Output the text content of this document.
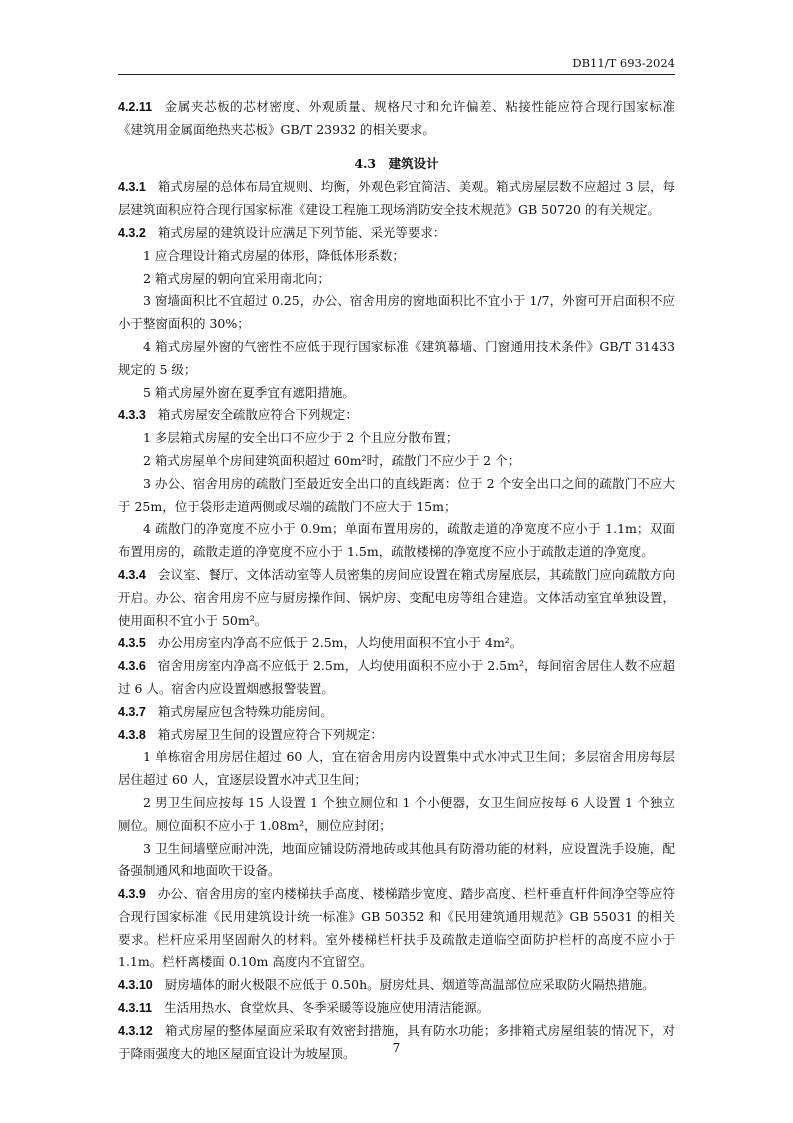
DB11/T 693-2024

4.2.11 金属夹芯板的芯材密度、外观质量、规格尺寸和允许偏差、粘接性能应符合现行国家标准《建筑用金属面绝热夹芯板》GB/T 23932 的相关要求。

4.3　建筑设计

4.3.1 箱式房屋的总体布局宜规则、均衡，外观色彩宜简洁、美观。箱式房屋层数不应超过 3 层，每层建筑面积应符合现行国家标准《建设工程施工现场消防安全技术规范》GB 50720 的有关规定。

4.3.2 箱式房屋的建筑设计应满足下列节能、采光等要求：

1 应合理设计箱式房屋的体形，降低体形系数；

2 箱式房屋的朝向宜采用南北向；

3 窗墙面积比不宜超过 0.25，办公、宿舍用房的窗地面积比不宜小于 1/7，外窗可开启面积不应小于整窗面积的 30%；

4 箱式房屋外窗的气密性不应低于现行国家标准《建筑幕墙、门窗通用技术条件》GB/T 31433 规定的 5 级；

5 箱式房屋外窗在夏季宜有遮阳措施。

4.3.3 箱式房屋安全疏散应符合下列规定：

1 多层箱式房屋的安全出口不应少于 2 个且应分散布置；

2 箱式房屋单个房间建筑面积超过 60m²时，疏散门不应少于 2 个；

3 办公、宿舍用房的疏散门至最近安全出口的直线距离：位于 2 个安全出口之间的疏散门不应大于 25m，位于袋形走道两侧或尽端的疏散门不应大于 15m；

4 疏散门的净宽度不应小于 0.9m；单面布置用房的，疏散走道的净宽度不应小于 1.1m；双面布置用房的，疏散走道的净宽度不应小于 1.5m，疏散楼梯的净宽度不应小于疏散走道的净宽度。

4.3.4 会议室、餐厅、文体活动室等人员密集的房间应设置在箱式房屋底层，其疏散门应向疏散方向开启。办公、宿舍用房不应与厨房操作间、锅炉房、变配电房等组合建造。文体活动室宜单独设置，使用面积不宜小于 50m²。

4.3.5 办公用房室内净高不应低于 2.5m，人均使用面积不宜小于 4m²。

4.3.6 宿舍用房室内净高不应低于 2.5m，人均使用面积不应小于 2.5m²，每间宿舍居住人数不应超过 6 人。宿舍内应设置烟感报警装置。

4.3.7 箱式房屋应包含特殊功能房间。

4.3.8 箱式房屋卫生间的设置应符合下列规定：

1 单栋宿舍用房居住超过 60 人，宜在宿舍用房内设置集中式水冲式卫生间；多层宿舍用房每层居住超过 60 人，宜逐层设置水冲式卫生间；

2 男卫生间应按每 15 人设置 1 个独立厕位和 1 个小便器，女卫生间应按每 6 人设置 1 个独立厕位。厕位面积不应小于 1.08m²，厕位应封闭；

3 卫生间墙壁应耐冲洗，地面应铺设防滑地砖或其他具有防滑功能的材料，应设置洗手设施，配备强制通风和地面吹干设备。

4.3.9 办公、宿舍用房的室内楼梯扶手高度、楼梯踏步宽度、踏步高度、栏杆垂直杆件间净空等应符合现行国家标准《民用建筑设计统一标准》GB 50352 和《民用建筑通用规范》GB 55031 的相关要求。栏杆应采用坚固耐久的材料。室外楼梯栏杆扶手及疏散走道临空面防护栏杆的高度不应小于 1.1m。栏杆离楼面 0.10m 高度内不宜留空。

4.3.10 厨房墙体的耐火极限不应低于 0.50h。厨房灶具、烟道等高温部位应采取防火隔热措施。

4.3.11 生活用热水、食堂炊具、冬季采暖等设施应使用清洁能源。

4.3.12 箱式房屋的整体屋面应采取有效密封措施，具有防水功能；多排箱式房屋组装的情况下，对于降雨强度大的地区屋面宜设计为坡屋顶。	7
